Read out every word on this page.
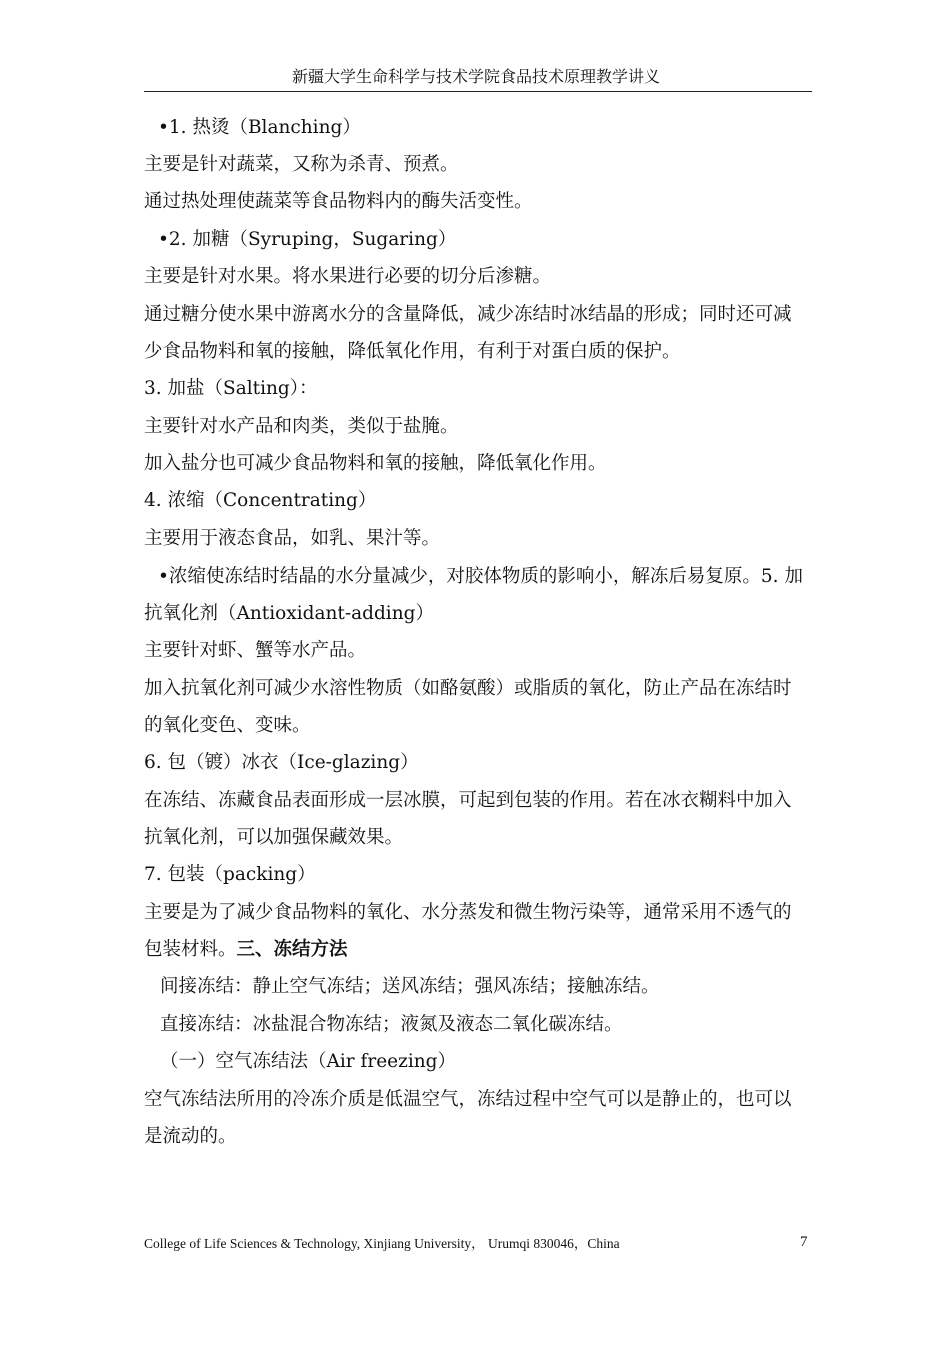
新疆大学生命科学与技术学院食品技术原理教学讲义
•1. 热烫（Blanching）
主要是针对蔬菜，又称为杀青、预煮。
通过热处理使蔬菜等食品物料内的酶失活变性。
•2. 加糖（Syruping，Sugaring）
主要是针对水果。将水果进行必要的切分后渗糖。
通过糖分使水果中游离水分的含量降低，减少冻结时冰结晶的形成；同时还可减
少食品物料和氧的接触，降低氧化作用，有利于对蛋白质的保护。
3. 加盐（Salting）：
主要针对水产品和肉类，类似于盐腌。
加入盐分也可减少食品物料和氧的接触，降低氧化作用。
4. 浓缩（Concentrating）
主要用于液态食品，如乳、果汁等。
•浓缩使冻结时结晶的水分量减少，对胶体物质的影响小，解冻后易复原。5. 加
抗氧化剂（Antioxidant-adding）
主要针对虾、蟹等水产品。
加入抗氧化剂可减少水溶性物质（如酪氨酸）或脂质的氧化，防止产品在冻结时
的氧化变色、变味。
6. 包（镀）冰衣（Ice-glazing）
在冻结、冻藏食品表面形成一层冰膜，可起到包装的作用。若在冰衣糊料中加入
抗氧化剂，可以加强保藏效果。
7. 包装（packing）
主要是为了减少食品物料的氧化、水分蒸发和微生物污染等，通常采用不透气的
包装材料。三、冻结方法
间接冻结：静止空气冻结；送风冻结；强风冻结；接触冻结。
直接冻结：冰盐混合物冻结；液氮及液态二氧化碳冻结。
（一）空气冻结法（Air freezing）
空气冻结法所用的冷冻介质是低温空气，冻结过程中空气可以是静止的，也可以
是流动的。
College of Life Sciences & Technology, Xinjiang University， Urumqi 830046，China	7
